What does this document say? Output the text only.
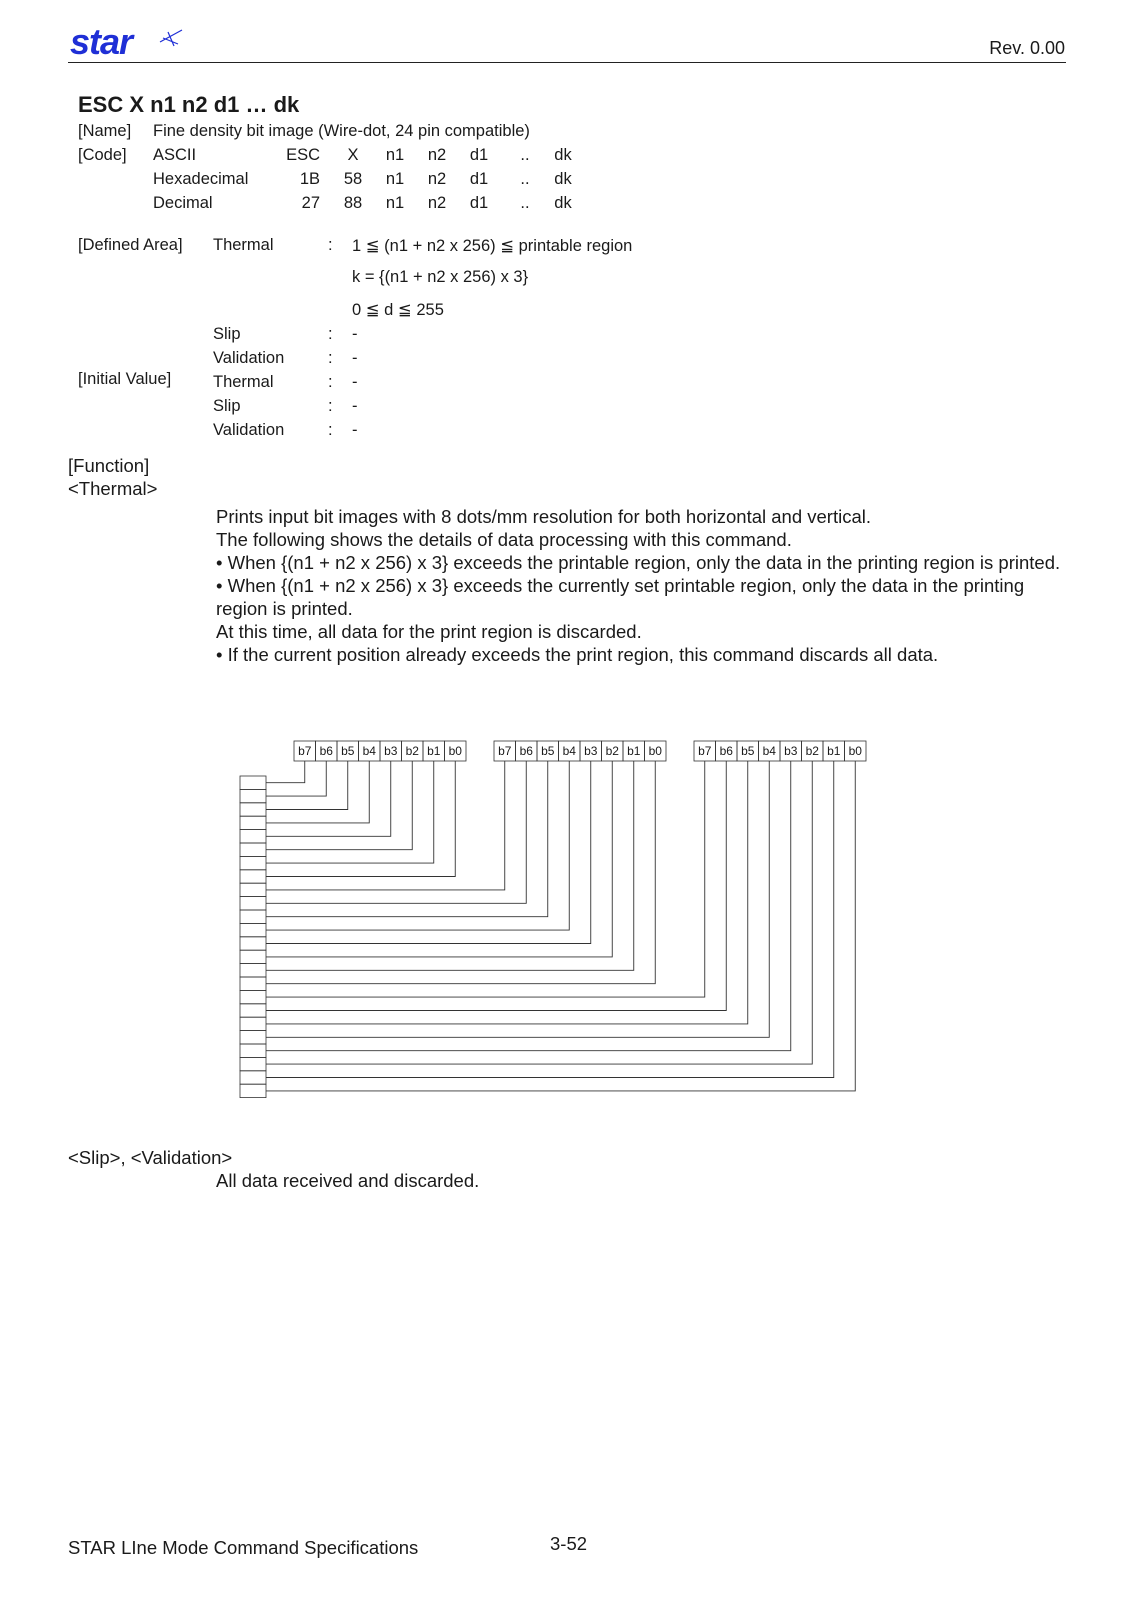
star	Rev. 0.00
ESC X n1 n2 d1 … dk
[Name] Fine density bit image (Wire-dot, 24 pin compatible)
[Code] ASCII	ESC	X	n1	n2	d1	..	dk
Hexadecimal	1B	58	n1	n2	d1	..	dk
Decimal	27	88	n1	n2	d1	..	dk
[Defined Area] Thermal	: 1 ≦ (n1 + n2 x 256) ≦ printable region
k = {(n1 + n2 x 256) x 3}
0 ≦ d ≦ 255
Slip	: -
Validation	: -
[Initial Value]	Thermal	: -
Slip	: -
Validation	: -
[Function]
<Thermal>

Prints input bit images with 8 dots/mm resolution for both horizontal and vertical.

The following shows the details of data processing with this command.

• When {(n1 + n2 x 256) x 3} exceeds the printable region, only the data in the printing region is printed.

• When {(n1 + n2 x 256) x 3} exceeds the currently set printable region, only the data in the printing region is printed.

At this time, all data for the print region is discarded.

• If the current position already exceeds the print region, this command discards all data.

b7 b6 b5 b4 b3 b2 b1 b0	b7 b6 b5 b4 b3 b2 b1 b0	b7 b6 b5 b4 b3 b2 b1 b0
<Slip>, <Validation>
All data received and discarded.
STAR LIne Mode Command Specifications	3-52
